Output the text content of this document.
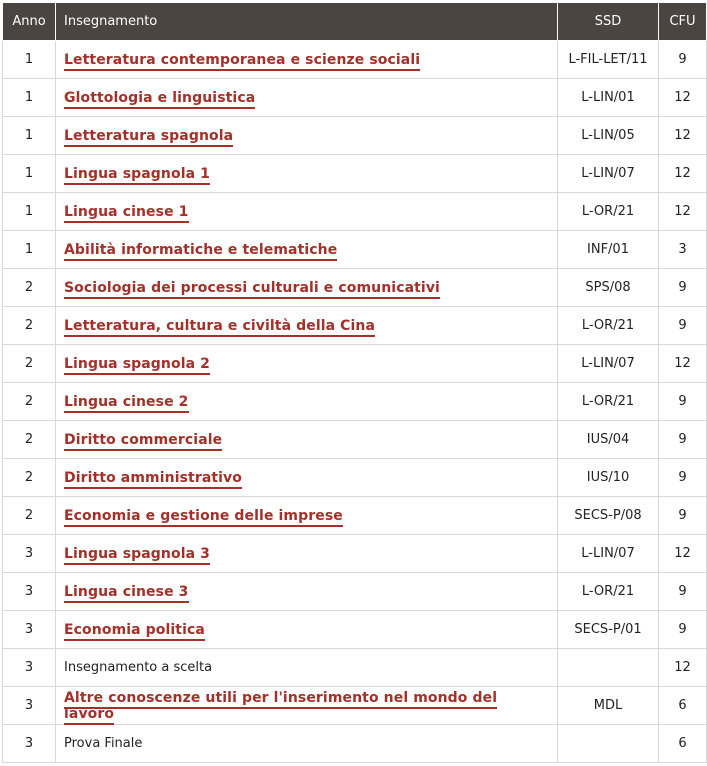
Anno	Insegnamento	SSD	CFU
1	Letteratura contemporanea e scienze sociali	L-FIL-LET/11	9
1	Glottologia e linguistica	L-LIN/01	12
1	Letteratura spagnola	L-LIN/05	12
1	Lingua spagnola 1	L-LIN/07	12
1	Lingua cinese 1	L-OR/21	12
1	Abilità informatiche e telematiche	INF/01	3
2	Sociologia dei processi culturali e comunicativi	SPS/08	9
2	Letteratura, cultura e civiltà della Cina	L-OR/21	9
2	Lingua spagnola 2	L-LIN/07	12
2	Lingua cinese 2	L-OR/21	9
2	Diritto commerciale	IUS/04	9
2	Diritto amministrativo	IUS/10	9
2	Economia e gestione delle imprese	SECS-P/08	9
3	Lingua spagnola 3	L-LIN/07	12
3	Lingua cinese 3	L-OR/21	9
3	Economia politica	SECS-P/01	9
3	Insegnamento a scelta		12
3	Altre conoscenze utili per l'inserimento nel mondo del lavoro	MDL	6
3	Prova Finale		6
